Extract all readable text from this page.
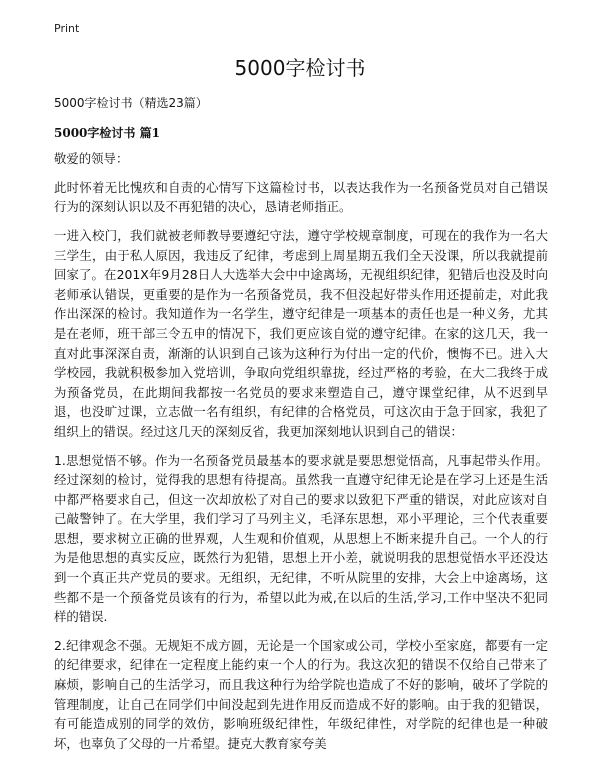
Print
5000字检讨书

5000字检讨书（精选23篇）

5000字检讨书 篇1

敬爱的领导：

此时怀着无比愧疚和自责的心情写下这篇检讨书，以表达我作为一名预备党员对自己错误行为的深刻认识以及不再犯错的决心，恳请老师指正。

一进入校门，我们就被老师教导要遵纪守法，遵守学校规章制度，可现在的我作为一名大三学生，由于私人原因，我违反了纪律，考虑到上周星期五我们全天没课，所以我就提前回家了。在201X年9月28日人大选举大会中中途离场，无视组织纪律，犯错后也没及时向老师承认错误，更重要的是作为一名预备党员，我不但没起好带头作用还提前走，对此我作出深深的检讨。我知道作为一名学生，遵守纪律是一项基本的责任也是一种义务，尤其是在老师，班干部三令五申的情况下，我们更应该自觉的遵守纪律。在家的这几天，我一直对此事深深自责，渐渐的认识到自己该为这种行为付出一定的代价，懊悔不已。进入大学校园，我就积极参加入党培训，争取向党组织靠拢，经过严格的考验，在大二我终于成为预备党员，在此期间我都按一名党员的要求来塑造自己，遵守课堂纪律，从不迟到早退，也没旷过课，立志做一名有组织，有纪律的合格党员，可这次由于急于回家，我犯了组织上的错误。经过这几天的深刻反省，我更加深刻地认识到自己的错误：

1.思想觉悟不够。作为一名预备党员最基本的要求就是要思想觉悟高，凡事起带头作用。经过深刻的检讨，觉得我的思想有待提高。虽然我一直遵守纪律无论是在学习上还是生活中都严格要求自己，但这一次却放松了对自己的要求以致犯下严重的错误，对此应该对自己敲警钟了。在大学里，我们学习了马列主义，毛泽东思想，邓小平理论，三个代表重要思想，要求树立正确的世界观，人生观和价值观，从思想上不断来提升自己。一个人的行为是他思想的真实反应，既然行为犯错，思想上开小差，就说明我的思想觉悟水平还没达到一个真正共产党员的要求。无组织，无纪律，不听从院里的安排，大会上中途离场，这些都不是一个预备党员该有的行为，希望以此为戒,在以后的生活,学习,工作中坚决不犯同样的错误.

2.纪律观念不强。无规矩不成方圆，无论是一个国家或公司，学校小至家庭，都要有一定的纪律要求，纪律在一定程度上能约束一个人的行为。我这次犯的错误不仅给自己带来了麻烦，影响自己的生活学习，而且我这种行为给学院也造成了不好的影响，破坏了学院的管理制度，让自己在同学们中间没起到先进作用反而造成不好的影响。由于我的犯错误，有可能造成别的同学的效仿，影响班级纪律性，年级纪律性，对学院的纪律也是一种破坏，也辜负了父母的一片希望。捷克大教育家夸美
